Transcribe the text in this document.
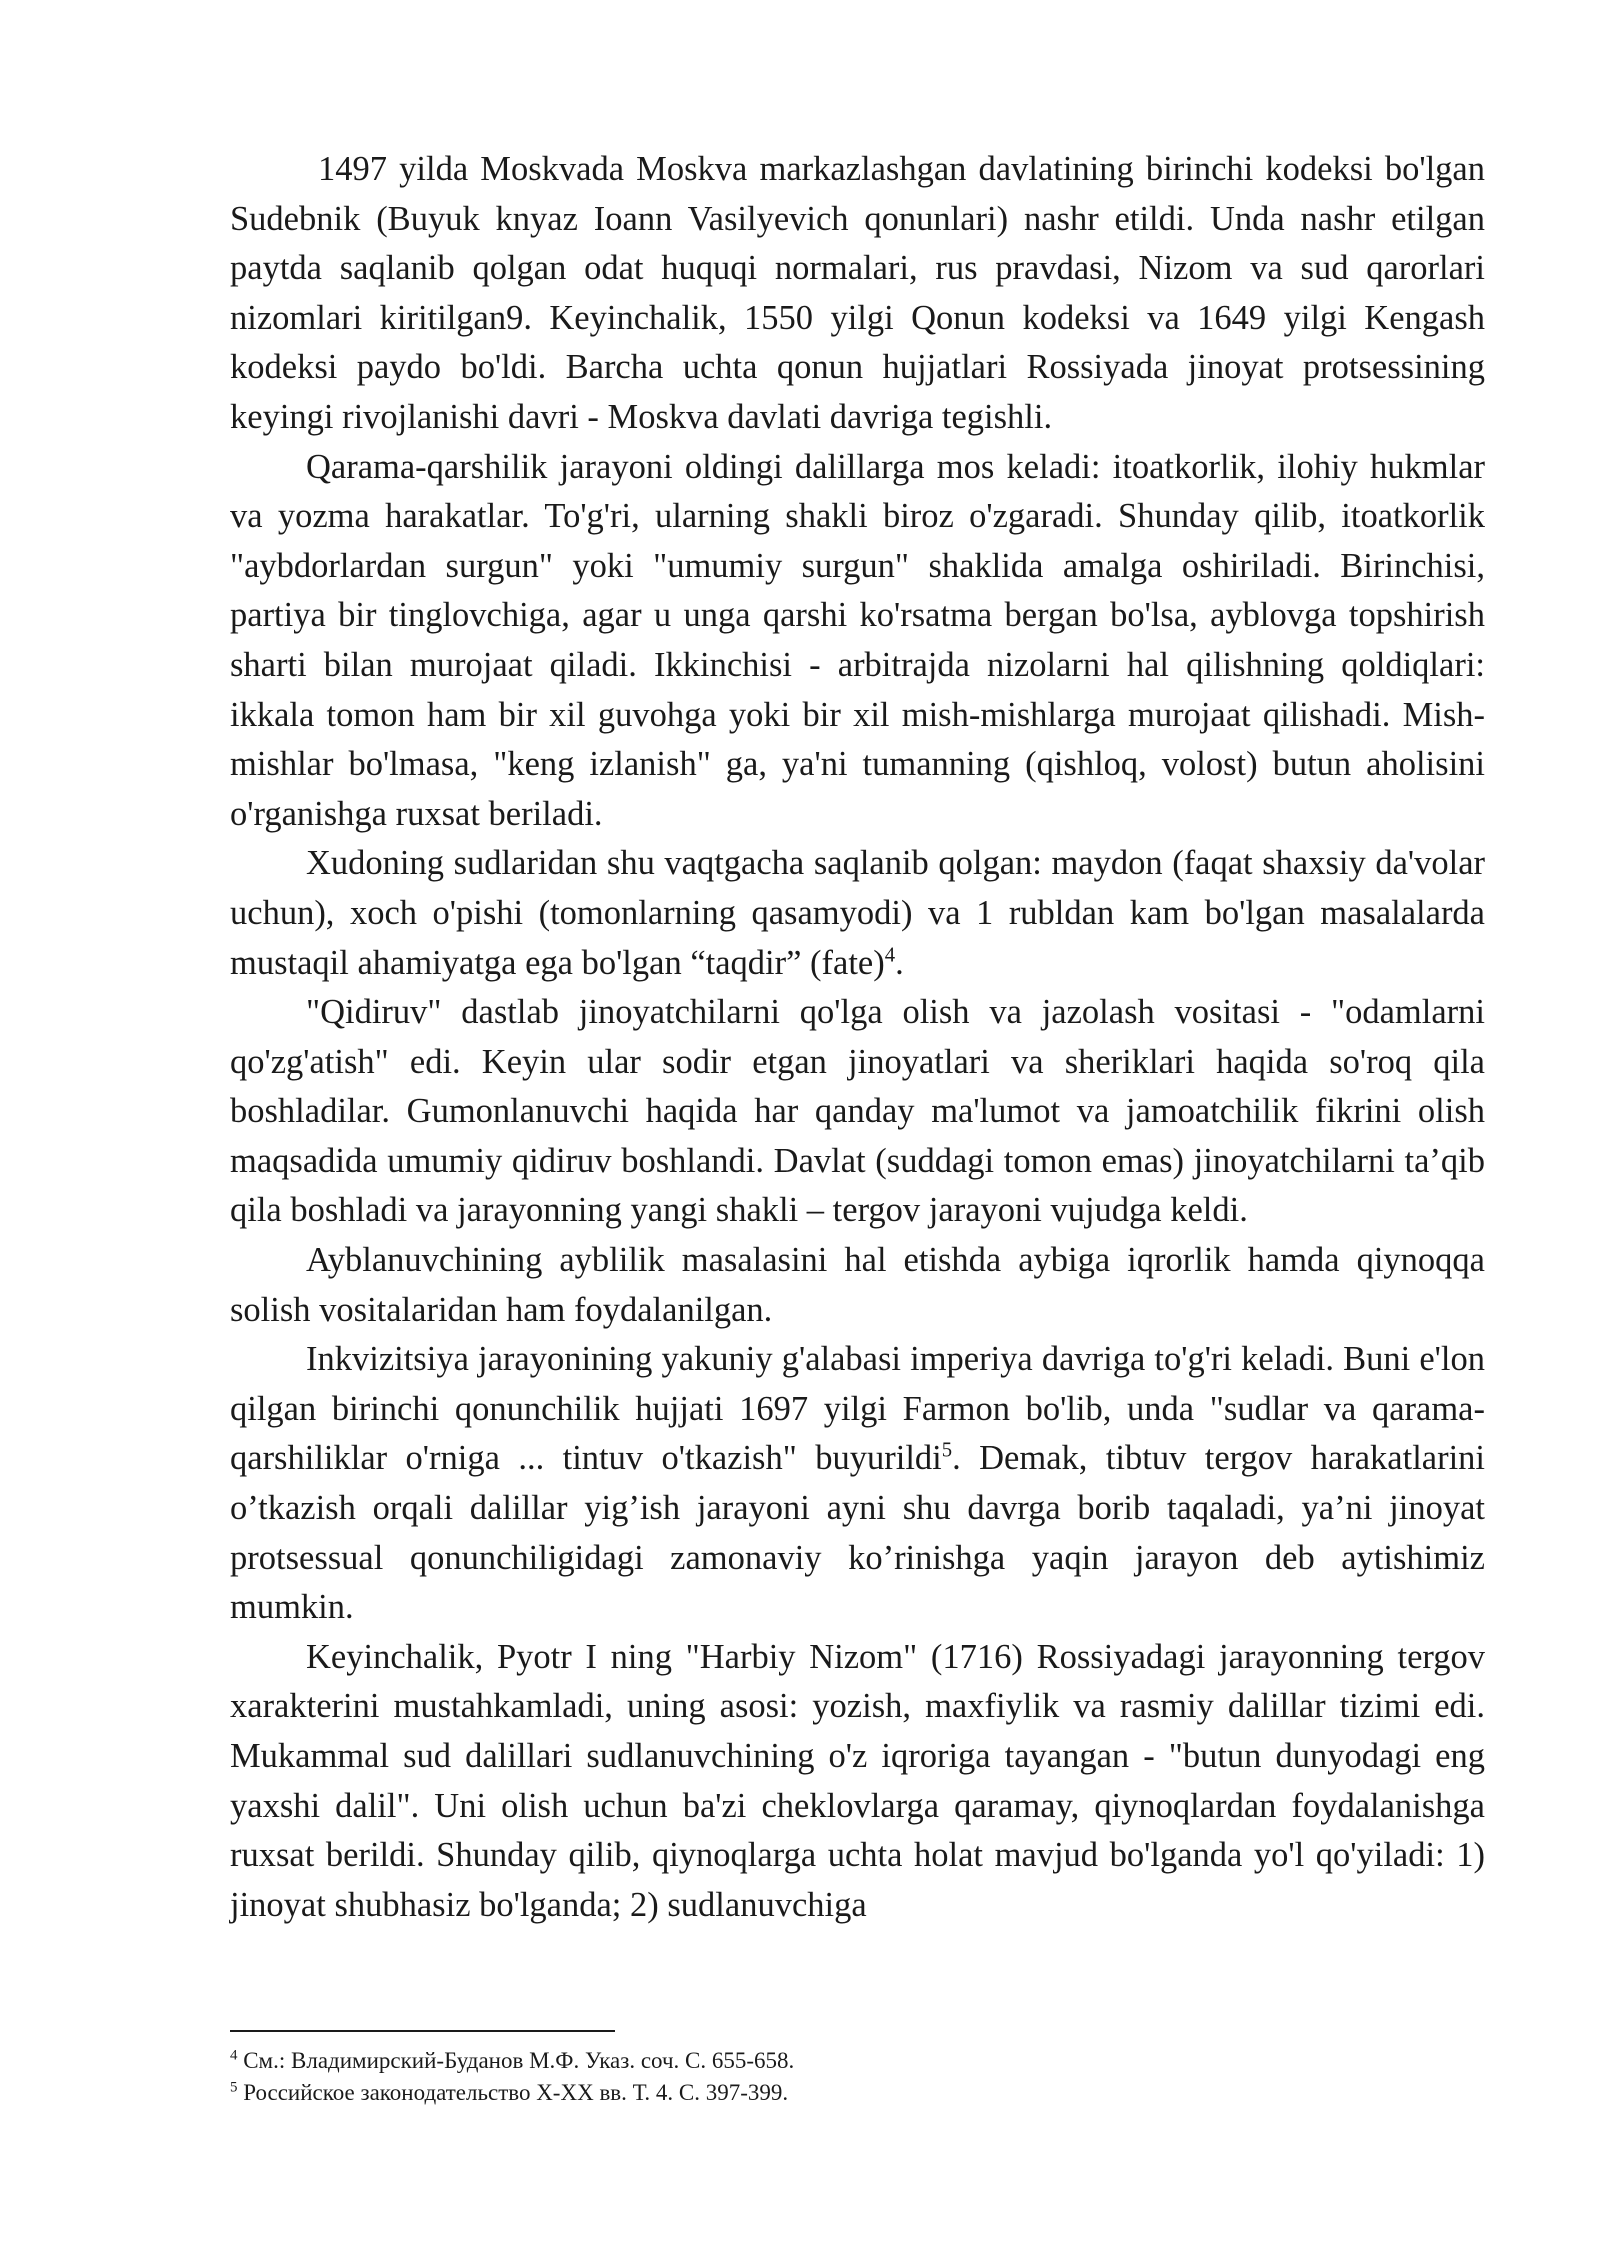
1497 yilda Moskvada Moskva markazlashgan davlatining birinchi kodeksi bo'lgan Sudebnik (Buyuk knyaz Ioann Vasilyevich qonunlari) nashr etildi. Unda nashr etilgan paytda saqlanib qolgan odat huquqi normalari, rus pravdasi, Nizom va sud qarorlari nizomlari kiritilgan9. Keyinchalik, 1550 yilgi Qonun kodeksi va 1649 yilgi Kengash kodeksi paydo bo'ldi. Barcha uchta qonun hujjatlari Rossiyada jinoyat protsessining keyingi rivojlanishi davri - Moskva davlati davriga tegishli.

Qarama-qarshilik jarayoni oldingi dalillarga mos keladi: itoatkorlik, ilohiy hukmlar va yozma harakatlar. To'g'ri, ularning shakli biroz o'zgaradi. Shunday qilib, itoatkorlik "aybdorlardan surgun" yoki "umumiy surgun" shaklida amalga oshiriladi. Birinchisi, partiya bir tinglovchiga, agar u unga qarshi ko'rsatma bergan bo'lsa, ayblovga topshirish sharti bilan murojaat qiladi. Ikkinchisi - arbitrajda nizolarni hal qilishning qoldiqlari: ikkala tomon ham bir xil guvohga yoki bir xil mish-mishlarga murojaat qilishadi. Mish-mishlar bo'lmasa, "keng izlanish" ga, ya'ni tumanning (qishloq, volost) butun aholisini o'rganishga ruxsat beriladi.

Xudoning sudlaridan shu vaqtgacha saqlanib qolgan: maydon (faqat shaxsiy da'volar uchun), xoch o'pishi (tomonlarning qasamyodi) va 1 rubldan kam bo'lgan masalalarda mustaqil ahamiyatga ega bo'lgan “taqdir” (fate)$^4$.

"Qidiruv" dastlab jinoyatchilarni qo'lga olish va jazolash vositasi - "odamlarni qo'zg'atish" edi. Keyin ular sodir etgan jinoyatlari va sheriklari haqida so'roq qila boshladilar. Gumonlanuvchi haqida har qanday ma'lumot va jamoatchilik fikrini olish maqsadida umumiy qidiruv boshlandi. Davlat (suddagi tomon emas) jinoyatchilarni ta’qib qila boshladi va jarayonning yangi shakli – tergov jarayoni vujudga keldi.

Ayblanuvchining ayblilik masalasini hal etishda aybiga iqrorlik hamda qiynoqqa solish vositalaridan ham foydalanilgan.

Inkvizitsiya jarayonining yakuniy g'alabasi imperiya davriga to'g'ri keladi. Buni e'lon qilgan birinchi qonunchilik hujjati 1697 yilgi Farmon bo'lib, unda "sudlar va qarama-qarshiliklar o'rniga ... tintuv o'tkazish" buyurildi$^5$. Demak, tibtuv tergov harakatlarini o’tkazish orqali dalillar yig’ish jarayoni ayni shu davrga borib taqaladi, ya’ni jinoyat protsessual qonunchiligidagi zamonaviy ko’rinishga yaqin jarayon deb aytishimiz mumkin.

Keyinchalik, Pyotr I ning "Harbiy Nizom" (1716) Rossiyadagi jarayonning tergov xarakterini mustahkamladi, uning asosi: yozish, maxfiylik va rasmiy dalillar tizimi edi. Mukammal sud dalillari sudlanuvchining o'z iqroriga tayangan - "butun dunyodagi eng yaxshi dalil". Uni olish uchun ba'zi cheklovlarga qaramay, qiynoqlardan foydalanishga ruxsat berildi. Shunday qilib, qiynoqlarga uchta holat mavjud bo'lganda yo'l qo'yiladi: 1) jinoyat shubhasiz bo'lganda; 2) sudlanuvchiga

$^4$ См.: Владимирский-Буданов М.Ф. Указ. соч. С. 655-658.

$^5$ Российское законодательство X-XX вв. Т. 4. С. 397-399.
